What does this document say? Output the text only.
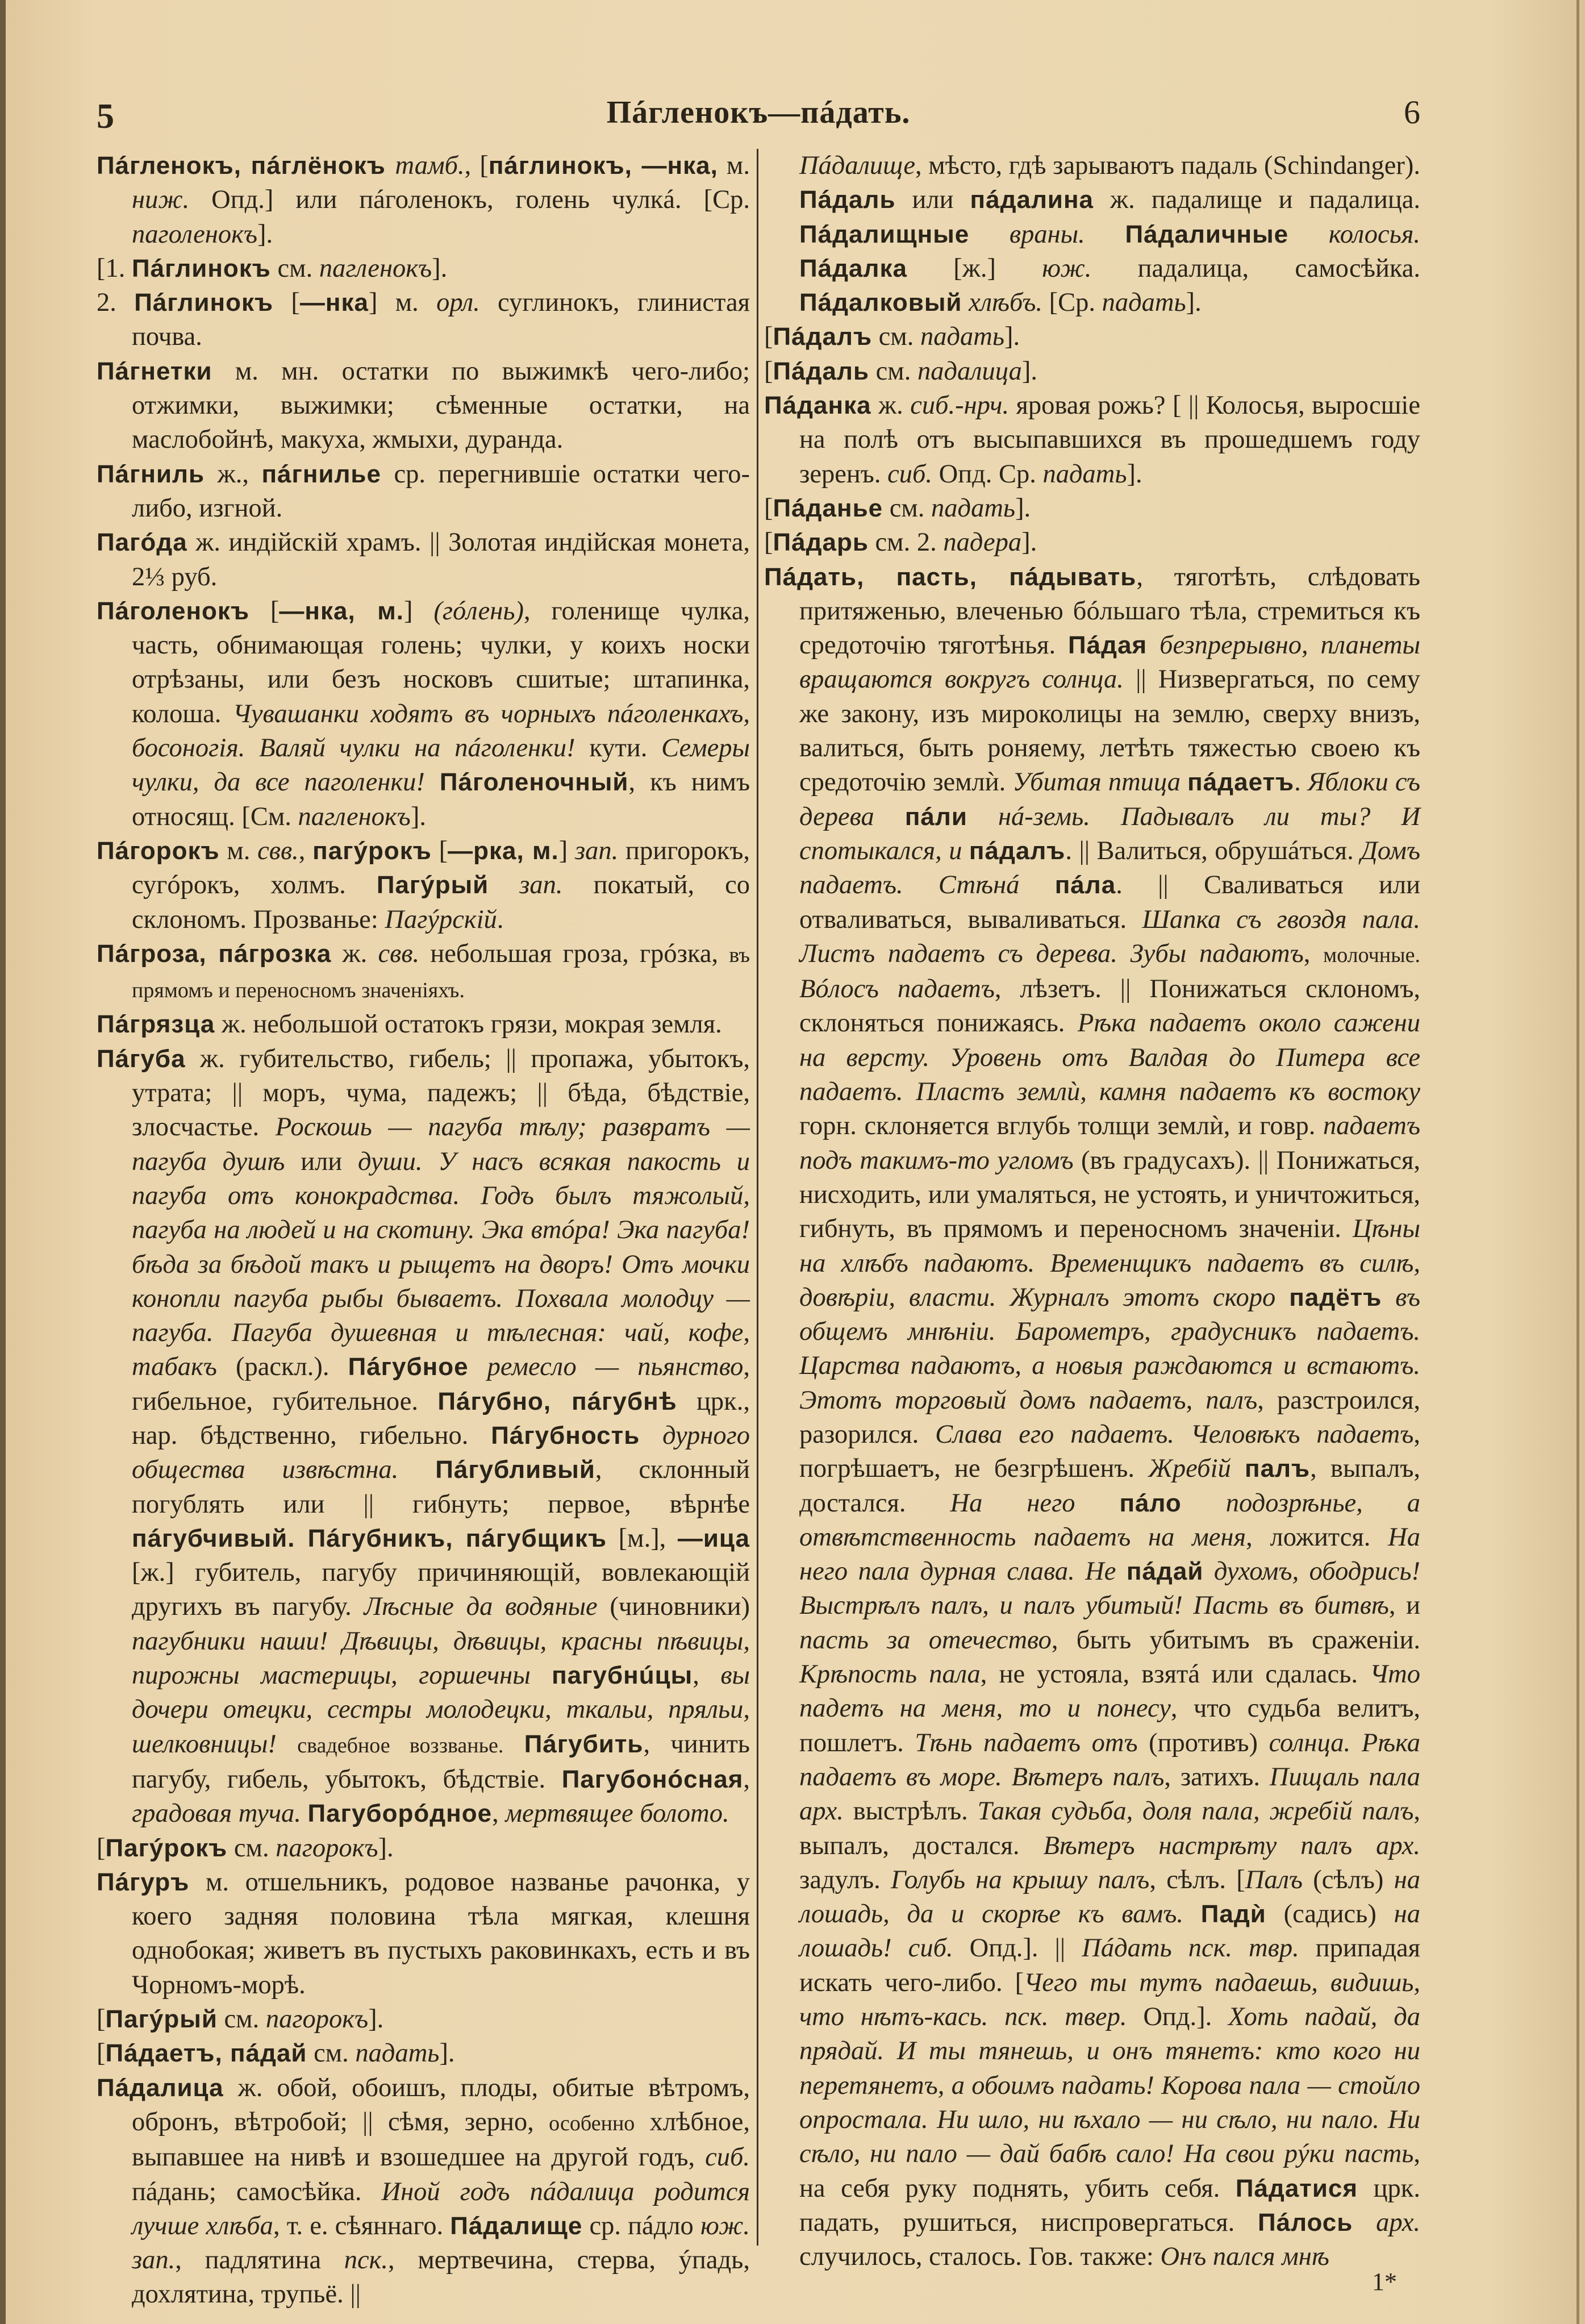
5	Пáгленокъ—пáдать.	6

Пáгленокъ, пáглёнокъ тамб., [пáглинокъ, —нка, м. ниж. Опд.] или пáголенокъ, голень чулкá. [Ср. паголенокъ].

[1. Пáглинокъ см. пагленокъ].

2. Пáглинокъ [—нка] м. орл. суглинокъ, глинистая почва.

Пáгнетки м. мн. остатки по выжимкѣ чего-либо; отжимки, выжимки; сѣменные остатки, на маслобойнѣ, макуха, жмыхи, дуранда.

Пáгниль ж., пáгнилье ср. перегнившіе остатки чего-либо, изгной.

Пагóда ж. индійскій храмъ. || Золотая индійская монета, 2⅓ руб.

Пáголенокъ [—нка, м.] (гóлень), голенище чулка, часть, обнимающая голень; чулки, у коихъ носки отрѣзаны, или безъ носковъ сшитые; штапинка, колоша. Чувашанки ходятъ въ чорныхъ пáголенкахъ, босоногія. Валяй чулки на пáголенки! кути. Семеры чулки, да все паголенки! Пáголеночный, къ нимъ относящ. [См. пагленокъ].

Пáгорокъ м. свв., пагýрокъ [—рка, м.] зап. пригорокъ, сугóрокъ, холмъ. Пагýрый зап. покатый, со склономъ. Прозванье: Пагýрскій.

Пáгроза, пáгрозка ж. свв. небольшая гроза, грóзка, въ прямомъ и переносномъ значеніяхъ.

Пáгрязца ж. небольшой остатокъ грязи, мокрая земля.

Пáгуба ж. губительство, гибель; || пропажа, убытокъ, утрата; || моръ, чума, падежъ; || бѣда, бѣдствіе, злосчастье. Роскошь — пагуба тѣлу; развратъ — пагуба душѣ или души. У насъ всякая пакость и пагуба отъ конокрадства. Годъ былъ тяжолый, пагуба на людей и на скотину. Эка втóра! Эка пагуба! бѣда за бѣдой такъ и рыщетъ на дворъ! Отъ мочки конопли пагуба рыбы бываетъ. Похвала молодцу — пагуба. Пагуба душевная и тѣлесная: чай, кофе, табакъ (раскл.). Пáгубное ремесло — пьянство, гибельное, губительное. Пáгубно, пáгубнѣ црк., нар. бѣдственно, гибельно. Пáгубность дурного общества извѣстна. Пáгубливый, склонный погублять или || гибнуть; первое, вѣрнѣе пáгубчивый. Пáгубникъ, пáгубщикъ [м.], —ица [ж.] губитель, пагубу причиняющій, вовлекающій другихъ въ пагубу. Лѣсные да водяные (чиновники) пагубники наши! Дѣвицы, дѣвицы, красны пѣвицы, пирожны мастерицы, горшечны пагубнúцы, вы дочери отецки, сестры молодецки, ткальи, пряльи, шелковницы! свадебное воззванье. Пáгубить, чинить пагубу, гибель, убытокъ, бѣдствіе. Пагубонóсная, градовая туча. Пагуборóдное, мертвящее болото.

[Пагýрокъ см. пагорокъ].

Пáгуръ м. отшельникъ, родовое названье рачонка, у коего задняя половина тѣла мягкая, клешня однобокая; живетъ въ пустыхъ раковинкахъ, есть и въ Чорномъ-морѣ.

[Пагýрый см. пагорокъ].

[Пáдаетъ, пáдай см. падать].

Пáдалица ж. обой, обоишъ, плоды, обитые вѣтромъ, обронъ, вѣтробой; || сѣмя, зерно, особенно хлѣбное, выпавшее на нивѣ и взошедшее на другой годъ, сиб. пáдань; самосѣйка. Иной годъ пáдалица родится лучше хлѣба, т. е. сѣяннаго. Пáдалище ср. пáдло юж. зап., падлятина пск., мертвечина, стерва, ýпадь, дохлятина, трупьё. ||

Пáдалище, мѣсто, гдѣ зарываютъ падаль (Schindanger). Пáдаль или пáдалина ж. падалище и падалица. Пáдалищные враны. Пáдаличные колосья. Пáдалка [ж.] юж. падалица, самосѣйка. Пáдалковый хлѣбъ. [Ср. падать].

[Пáдалъ см. падать].

[Пáдаль см. падалица].

Пáданка ж. сиб.-нрч. яровая рожь? [ || Колосья, выросшіе на полѣ отъ высыпавшихся въ прошедшемъ году зеренъ. сиб. Опд. Ср. падать].

[Пáданье см. падать].

[Пáдарь см. 2. падера].

Пáдать, пасть, пáдывать, тяготѣть, слѣдовать притяженью, влеченью бóльшаго тѣла, стремиться къ средоточію тяготѣнья. Пáдая безпрерывно, планеты вращаются вокругъ солнца. || Низвергаться, по сему же закону, изъ мироколицы на землю, сверху внизъ, валиться, быть роняему, летѣть тяжестью своею къ средоточію землѝ. Убитая птица пáдаетъ. Яблоки съ дерева пáли нá-земь. Падывалъ ли ты? И спотыкался, и пáдалъ. || Валиться, обрушáться. Домъ падаетъ. Стѣнá пáла. || Сваливаться или отваливаться, вываливаться. Шапка съ гвоздя пала. Листъ падаетъ съ дерева. Зубы падаютъ, молочные. Вóлосъ падаетъ, лѣзетъ. || Понижаться склономъ, склоняться понижаясь. Рѣка падаетъ около сажени на версту. Уровень отъ Валдая до Питера все падаетъ. Пластъ землѝ, камня падаетъ къ востоку горн. склоняется вглубь толщи землѝ, и говр. падаетъ подъ такимъ-то угломъ (въ градусахъ). || Понижаться, нисходить, или умаляться, не устоять, и уничтожиться, гибнуть, въ прямомъ и переносномъ значеніи. Цѣны на хлѣбъ падаютъ. Временщикъ падаетъ въ силѣ, довѣріи, власти. Журналъ этотъ скоро падётъ въ общемъ мнѣніи. Барометръ, градусникъ падаетъ. Царства падаютъ, а новыя раждаются и встаютъ. Этотъ торговый домъ падаетъ, палъ, разстроился, разорился. Слава его падаетъ. Человѣкъ падаетъ, погрѣшаетъ, не безгрѣшенъ. Жребій палъ, выпалъ, достался. На него пáло подозрѣнье, а отвѣтственность падаетъ на меня, ложится. На него пала дурная слава. Не пáдай духомъ, ободрись! Выстрѣлъ палъ, и палъ убитый! Пасть въ битвѣ, и пасть за отечество, быть убитымъ въ сраженіи. Крѣпость пала, не устояла, взятá или сдалась. Что падетъ на меня, то и понесу, что судьба велитъ, пошлетъ. Тѣнь падаетъ отъ (противъ) солнца. Рѣка падаетъ въ море. Вѣтеръ палъ, затихъ. Пищаль пала арх. выстрѣлъ. Такая судьба, доля пала, жребій палъ, выпалъ, досталcя. Вѣтеръ настрѣту палъ арх. задулъ. Голубь на крышу палъ, сѣлъ. [Палъ (сѣлъ) на лошадь, да и скорѣе къ вамъ. Падѝ (садись) на лошадь! сиб. Опд.]. || Пáдать пск. твр. припадая искать чего-либо. [Чего ты тутъ падаешь, видишь, что нѣтъ-кась. пск. твер. Опд.]. Хоть падай, да прядай. И ты тянешь, и онъ тянетъ: кто кого ни перетянетъ, а обоимъ падать! Корова пала — стойло опростала. Ни шло, ни ѣхало — ни сѣло, ни пало. Ни сѣло, ни пало — дай бабѣ сало! На свои рýки пасть, на себя руку поднять, убить себя. Пáдатися црк. падать, рушиться, ниспровергаться. Пáлось арх. случилось, сталось. Гов. также: Онъ пался мнѣ

1*
